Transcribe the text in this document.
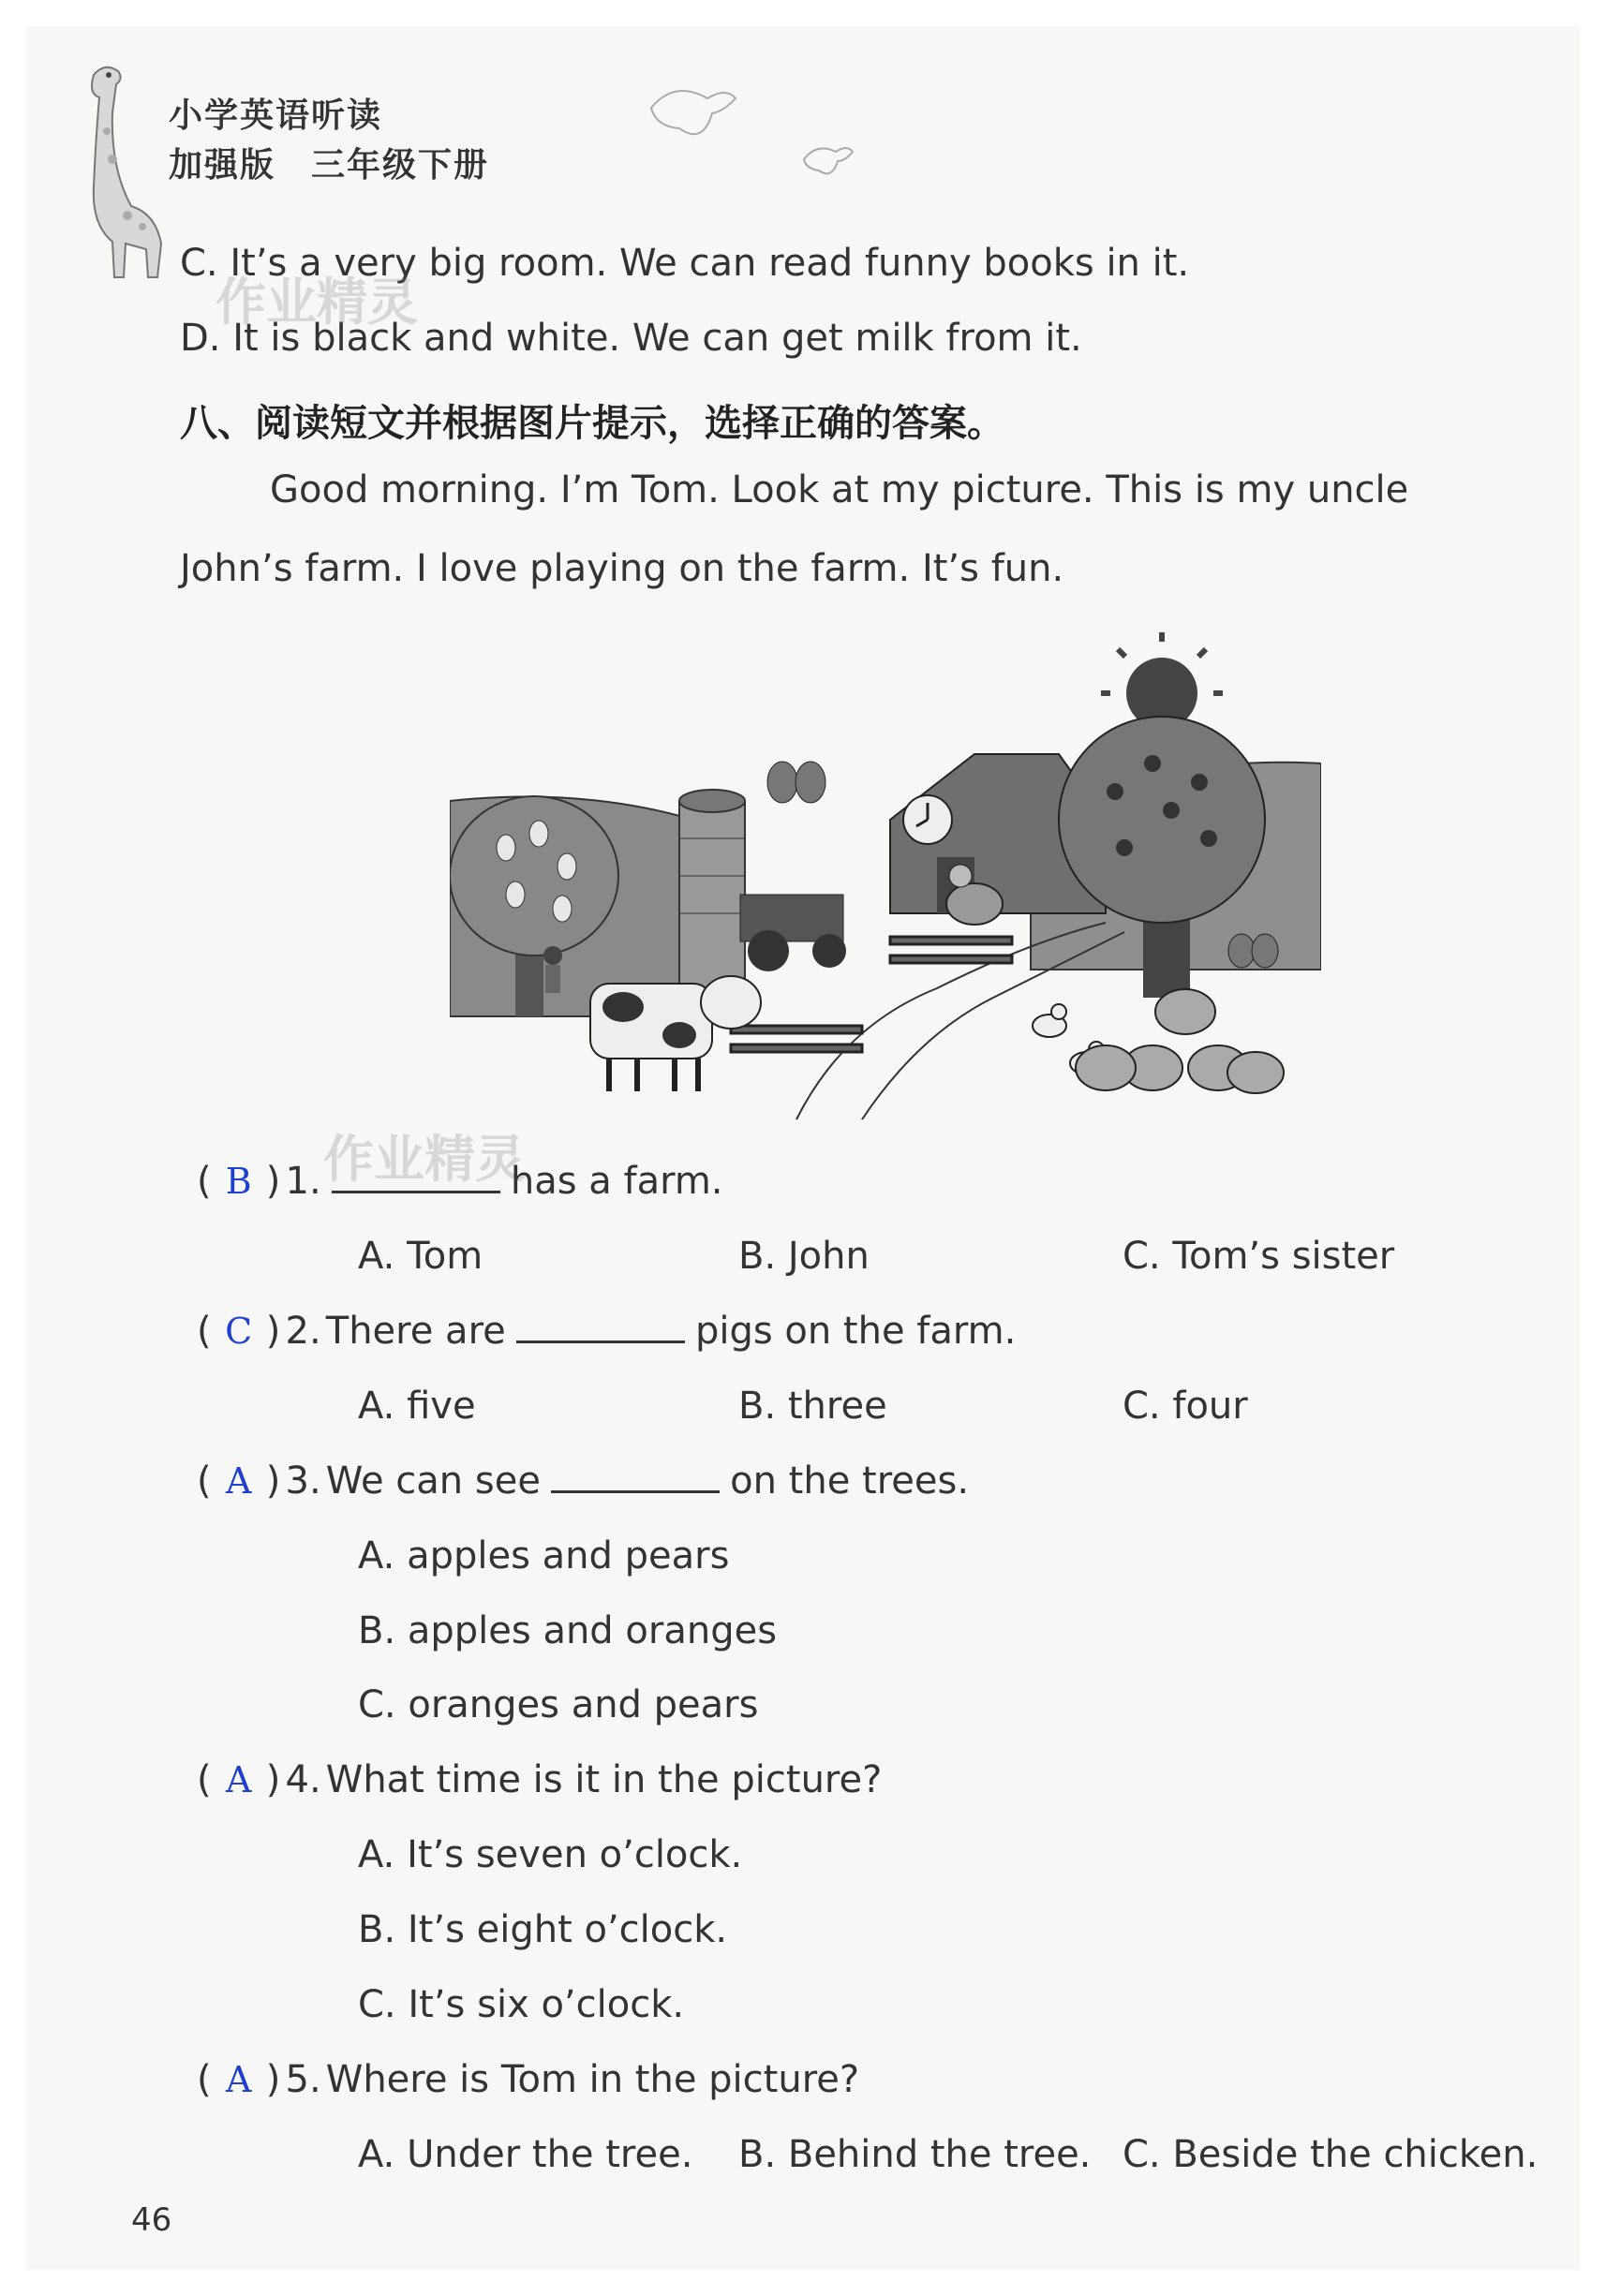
小学英语听读
加强版　三年级下册
C. It’s a very big room. We can read funny books in it.
D. It is black and white. We can get milk from it.
作业精灵
八、阅读短文并根据图片提示，选择正确的答案。
Good morning. I’m Tom. Look at my picture. This is my uncle
John’s farm. I love playing on the farm. It’s fun.
作业精灵
( B ) 1.	has a farm.
A. Tom	B. John	C. Tom’s sister
( C ) 2. There are	pigs on the farm.
A. five	B. three	C. four
( A ) 3. We can see	on the trees.
A. apples and pears
B. apples and oranges
C. oranges and pears
( A ) 4. What time is it in the picture?
A. It’s seven o’clock.
B. It’s eight o’clock.
C. It’s six o’clock.
( A ) 5. Where is Tom in the picture?
A. Under the tree. B. Behind the tree. C. Beside the chicken.
46
